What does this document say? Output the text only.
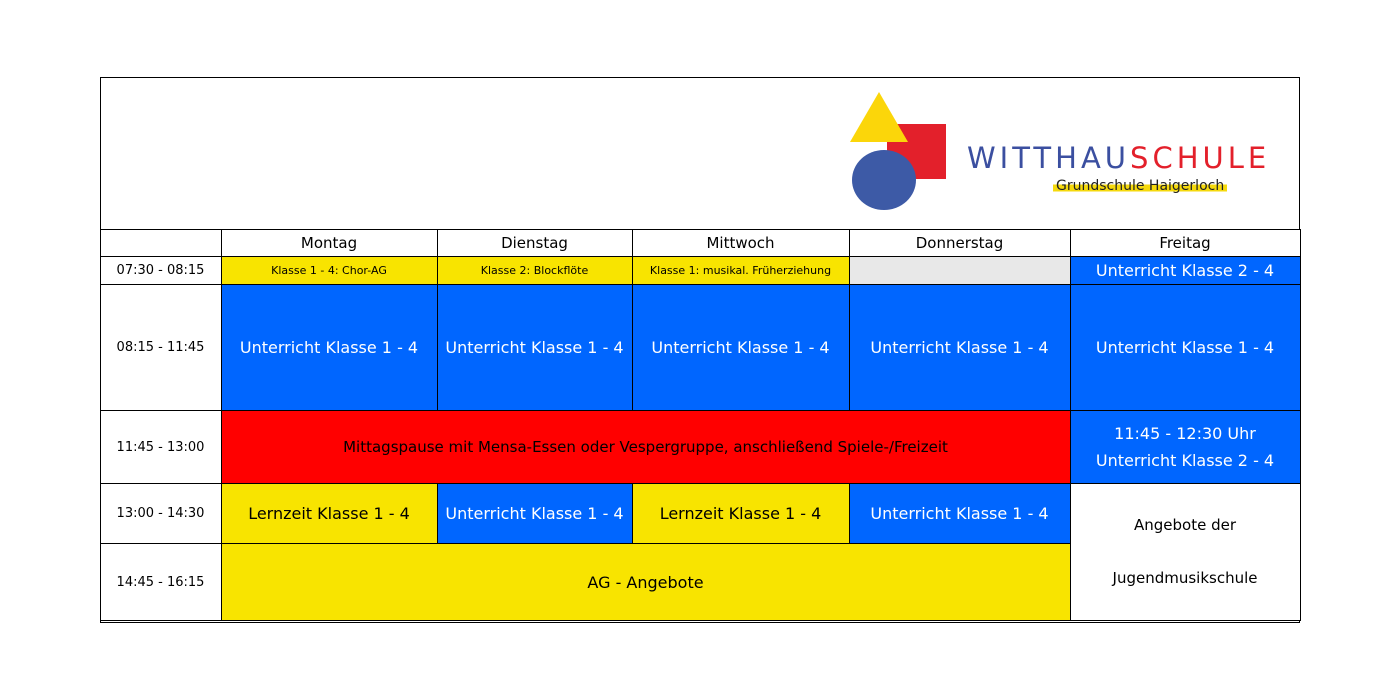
WITTHAUSCHULE
Grundschule Haigerloch
	Montag	Dienstag	Mittwoch	Donnerstag	Freitag
07:30 - 08:15	Klasse 1 - 4: Chor-AG	Klasse 2: Blockflöte	Klasse 1: musikal. Früherziehung		Unterricht Klasse 2 - 4
08:15 - 11:45	Unterricht Klasse 1 - 4	Unterricht Klasse 1 - 4	Unterricht Klasse 1 - 4	Unterricht Klasse 1 - 4	Unterricht Klasse 1 - 4
11:45 - 13:00	Mittagspause mit Mensa-Essen oder Vespergruppe, anschließend Spiele-/Freizeit				11:45 - 12:30 Uhr
Unterricht Klasse 2 - 4

13:00 - 14:30	Lernzeit Klasse 1 - 4	Unterricht Klasse 1 - 4	Lernzeit Klasse 1 - 4	Unterricht Klasse 1 - 4	Angebote der
Jugendmusikschule

14:45 - 16:15	AG - Angebote				
